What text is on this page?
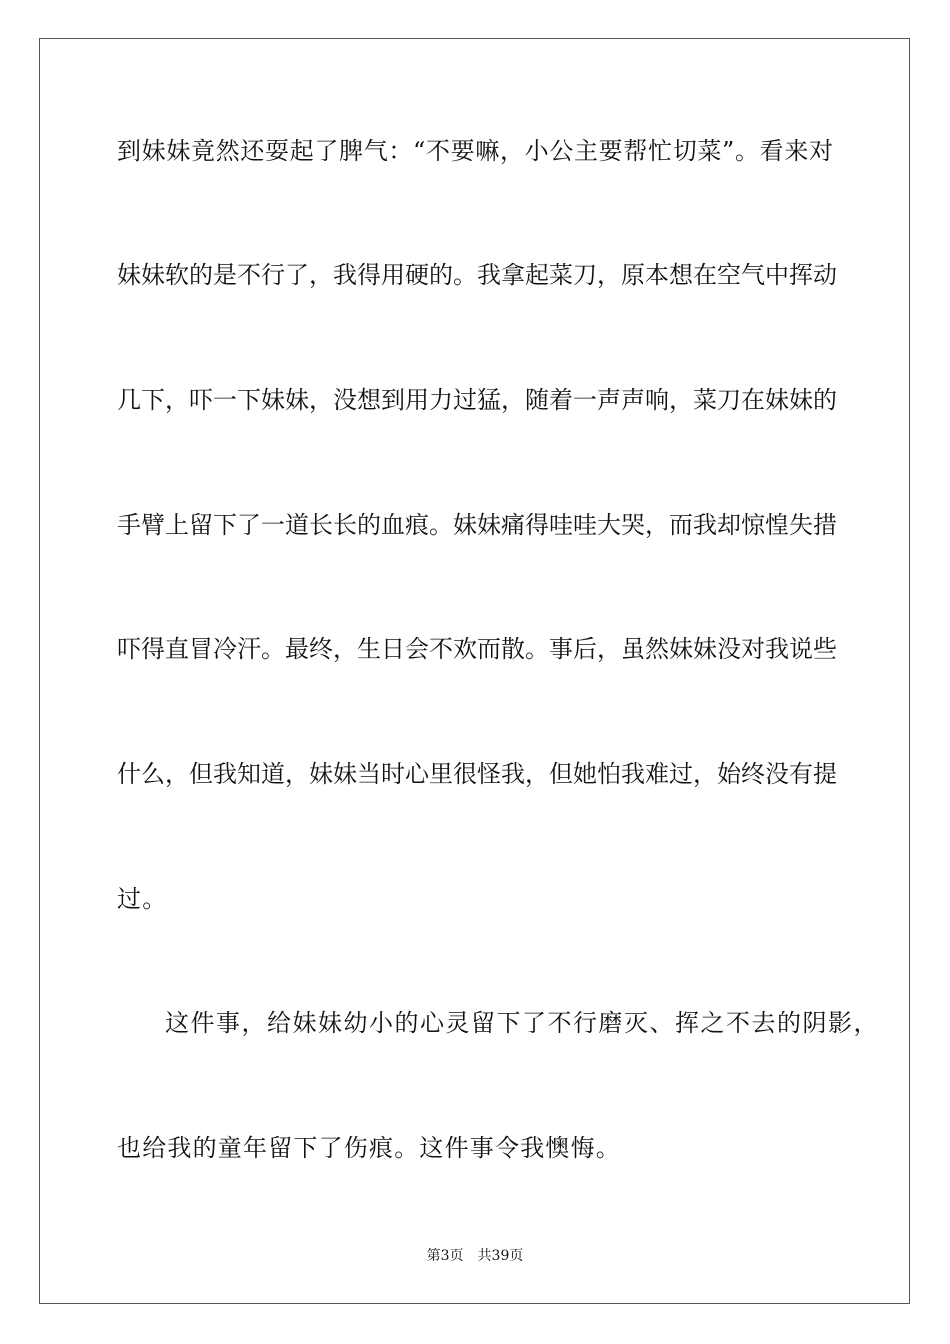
到妹妹竟然还耍起了脾气：“不要嘛，小公主要帮忙切菜”。看来对
妹妹软的是不行了，我得用硬的。我拿起菜刀，原本想在空气中挥动
几下，吓一下妹妹，没想到用力过猛，随着一声声响，菜刀在妹妹的
手臂上留下了一道长长的血痕。妹妹痛得哇哇大哭，而我却惊惶失措
吓得直冒冷汗。最终，生日会不欢而散。事后，虽然妹妹没对我说些
什么，但我知道，妹妹当时心里很怪我，但她怕我难过，始终没有提
过。
这件事，给妹妹幼小的心灵留下了不行磨灭、挥之不去的阴影，
也给我的童年留下了伤痕。这件事令我懊悔。
第3页 共39页
